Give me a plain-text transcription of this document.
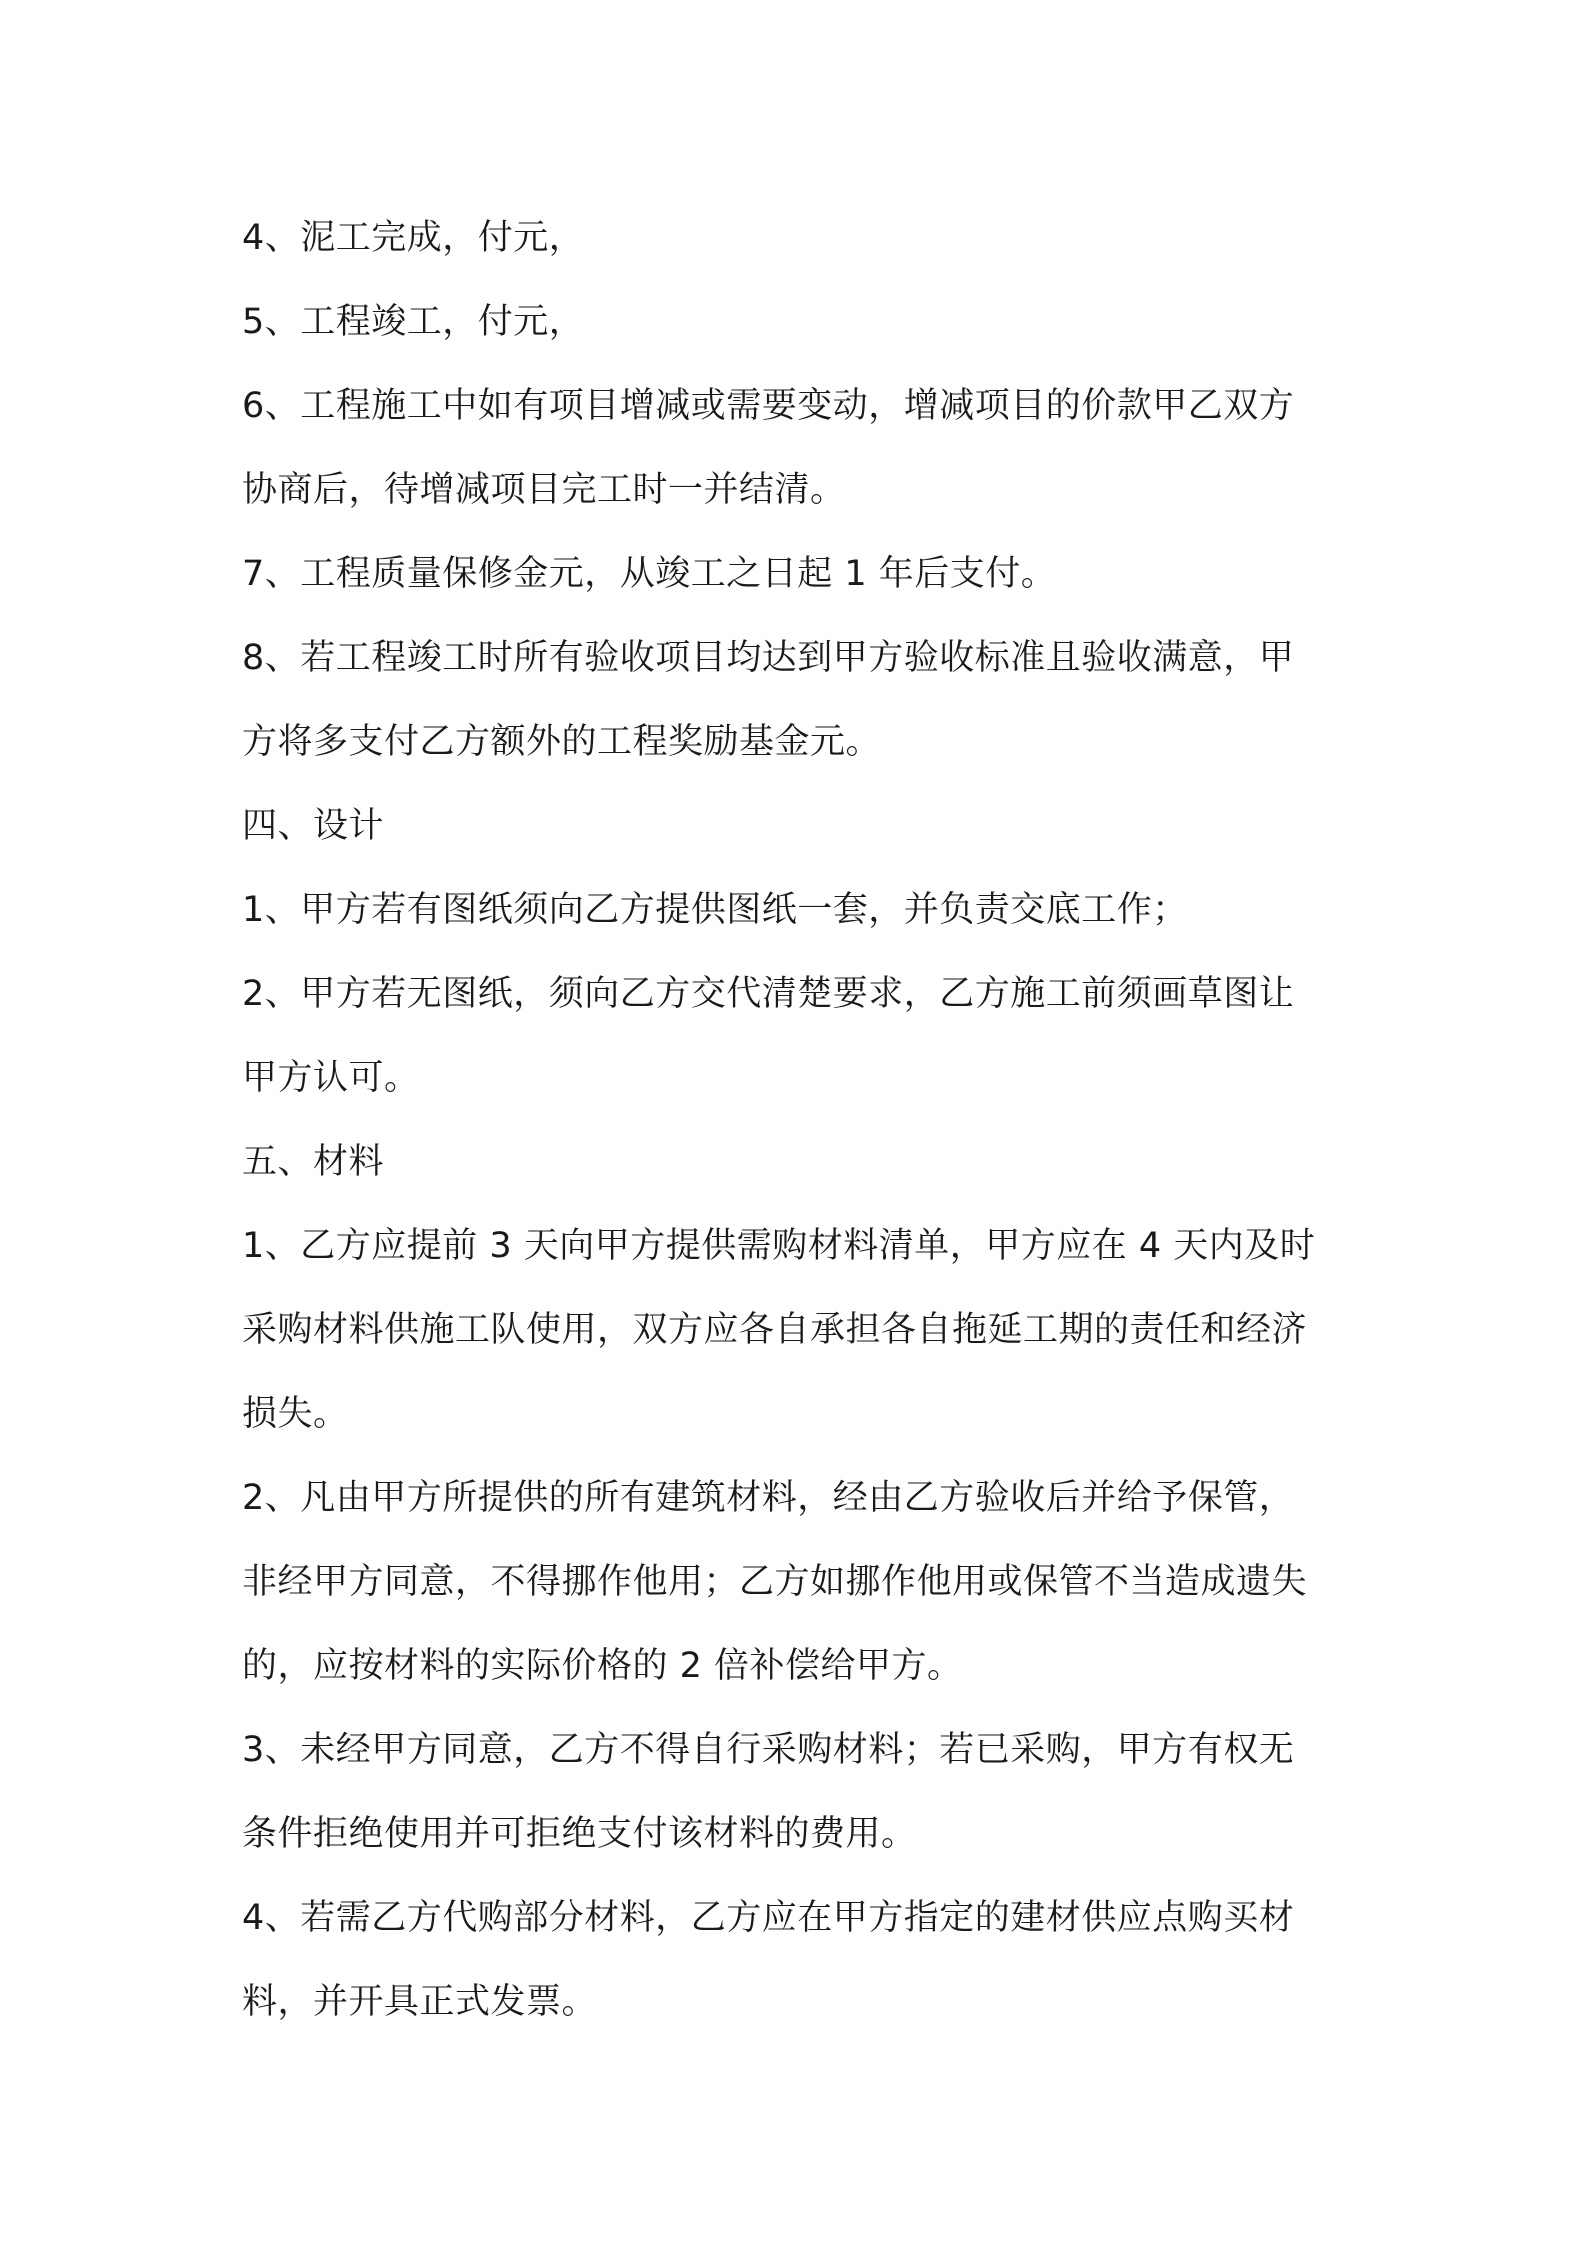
4、泥工完成，付元，
5、工程竣工，付元，
6、工程施工中如有项目增减或需要变动，增减项目的价款甲乙双方
协商后，待增减项目完工时一并结清。
7、工程质量保修金元，从竣工之日起 1 年后支付。
8、若工程竣工时所有验收项目均达到甲方验收标准且验收满意，甲
方将多支付乙方额外的工程奖励基金元。
四、设计
1、甲方若有图纸须向乙方提供图纸一套，并负责交底工作；
2、甲方若无图纸，须向乙方交代清楚要求，乙方施工前须画草图让
甲方认可。
五、材料
1、乙方应提前 3 天向甲方提供需购材料清单，甲方应在 4 天内及时
采购材料供施工队使用，双方应各自承担各自拖延工期的责任和经济
损失。
2、凡由甲方所提供的所有建筑材料，经由乙方验收后并给予保管，
非经甲方同意，不得挪作他用；乙方如挪作他用或保管不当造成遗失
的，应按材料的实际价格的 2 倍补偿给甲方。
3、未经甲方同意，乙方不得自行采购材料；若已采购，甲方有权无
条件拒绝使用并可拒绝支付该材料的费用。
4、若需乙方代购部分材料，乙方应在甲方指定的建材供应点购买材
料，并开具正式发票。
